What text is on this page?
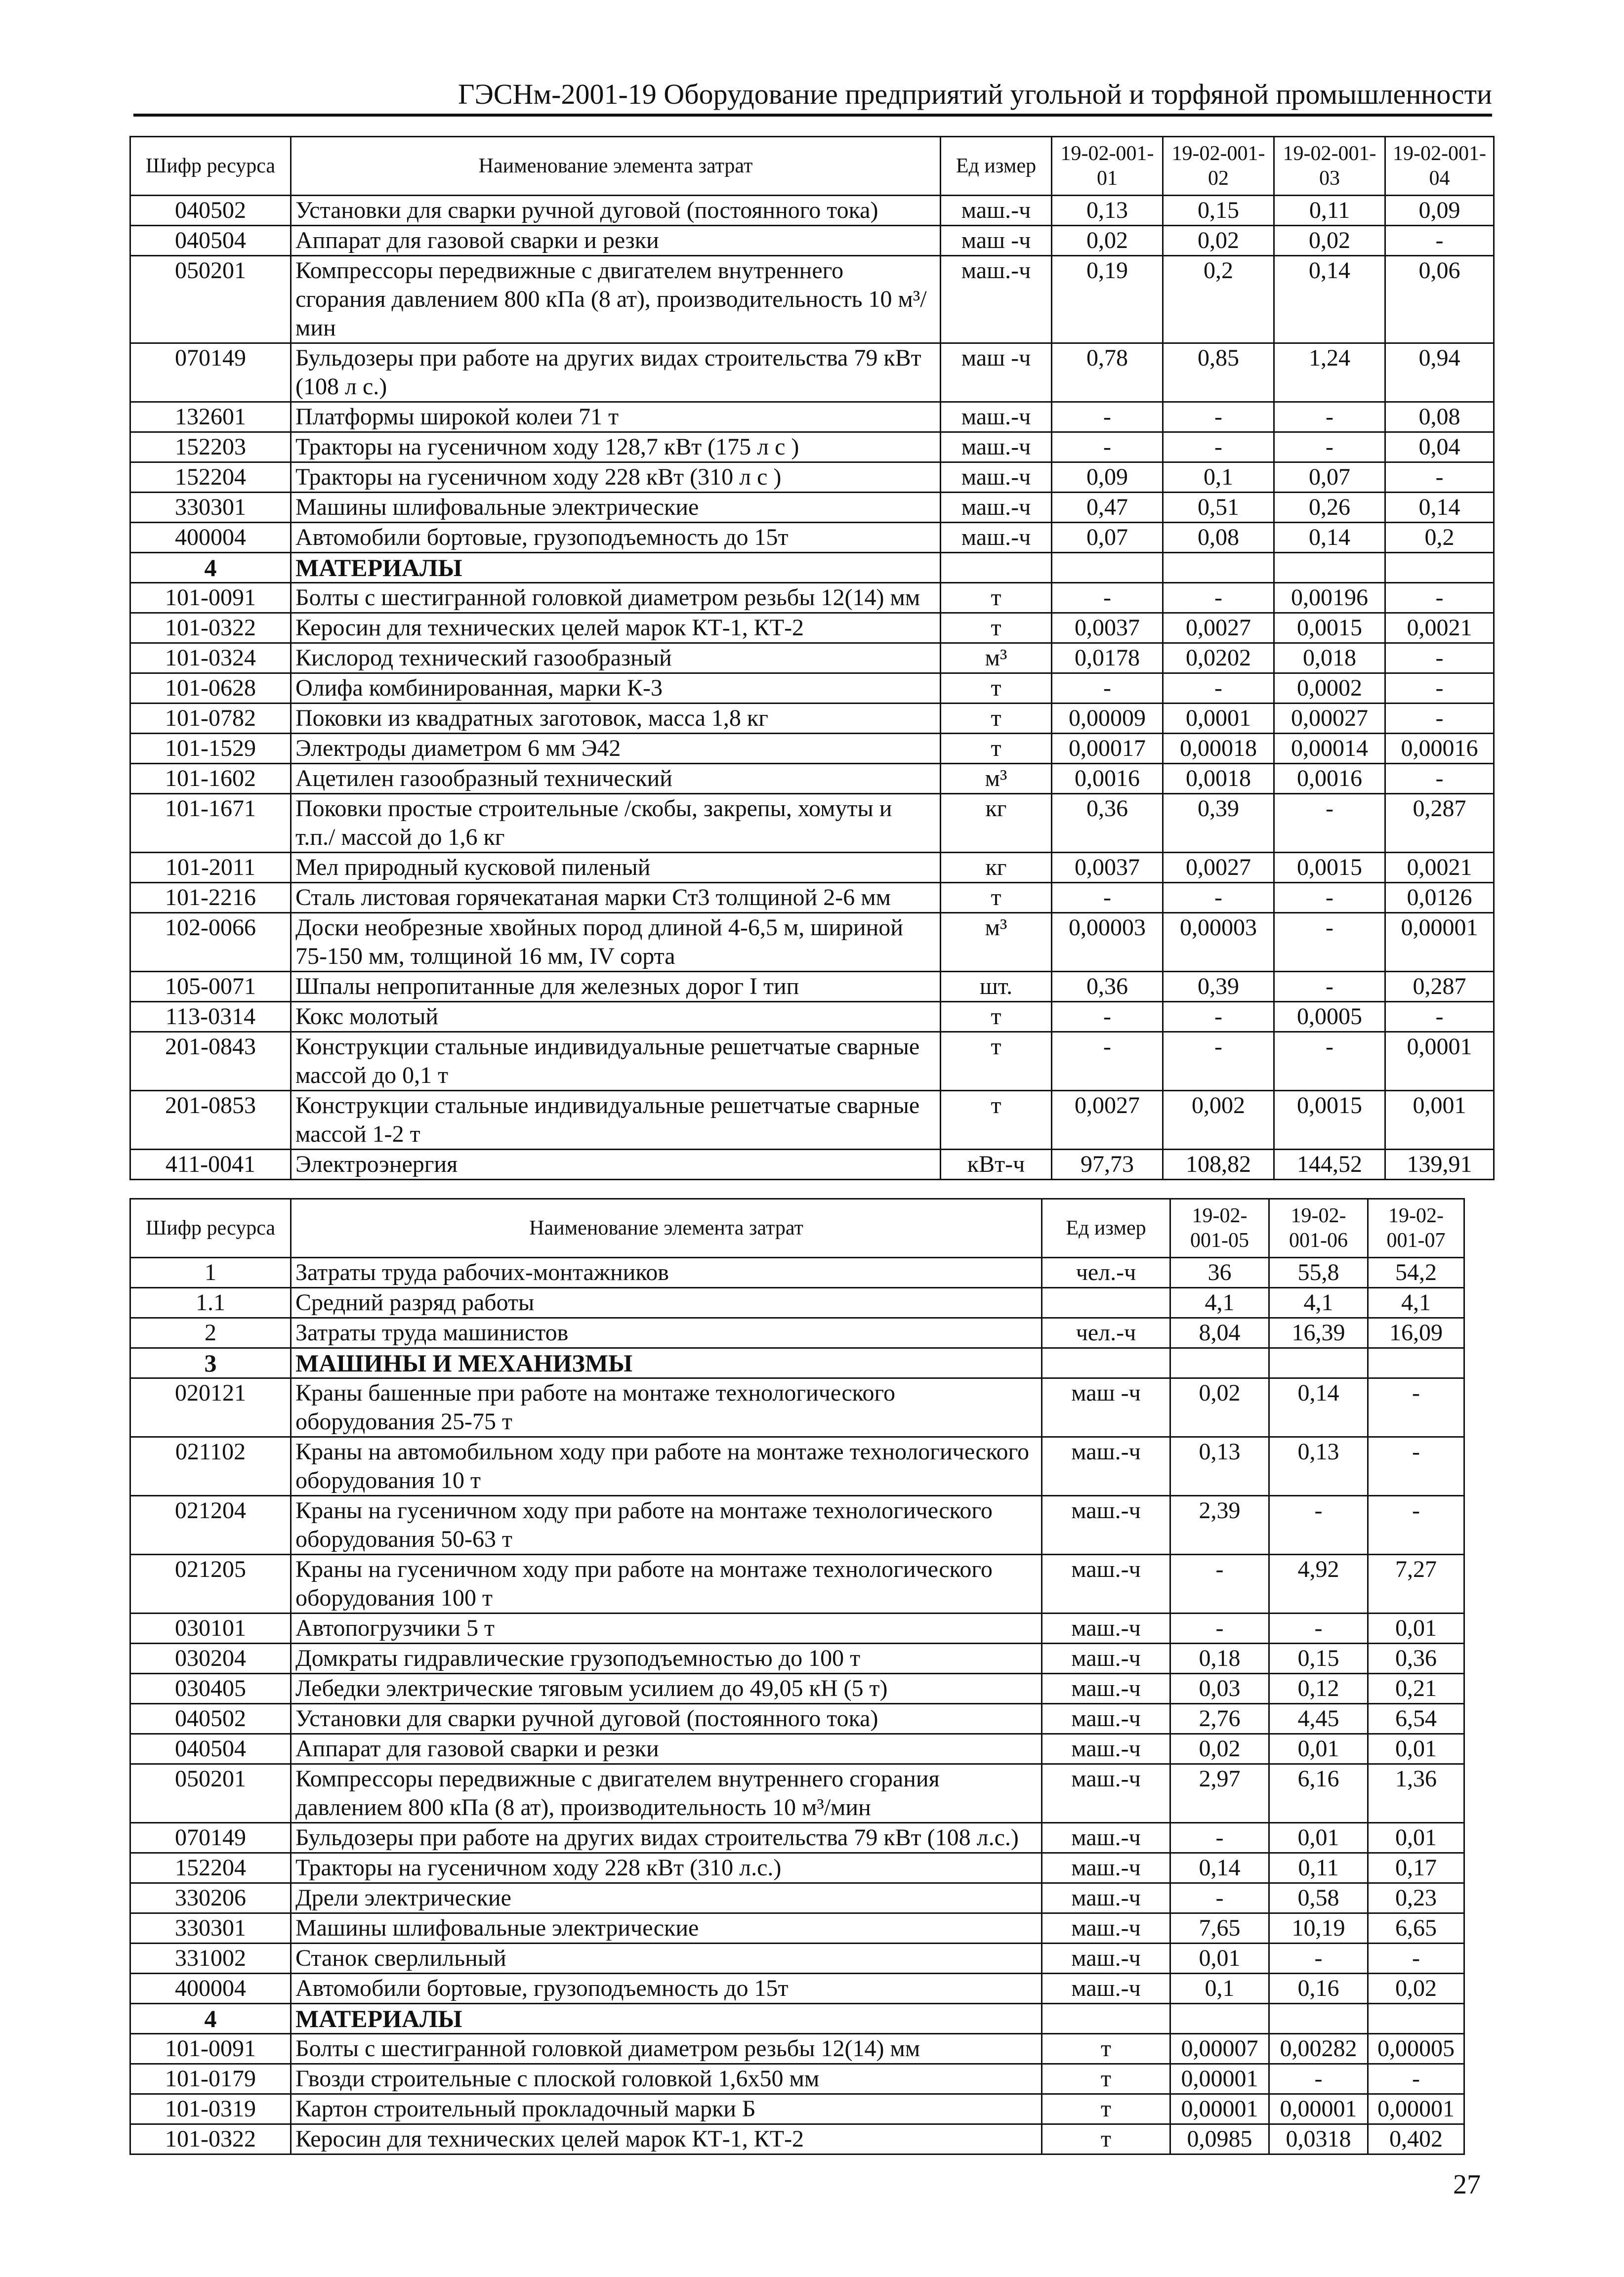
ГЭСНм-2001-19 Оборудование предприятий угольной и торфяной промышленности
Шифр ресурса	Наименование элемента затрат	Ед измер	19-02-001-01	19-02-001-02	19-02-001-03	19-02-001-04
040502	Установки для сварки ручной дуговой (постоянного тока)	маш.-ч	0,13	0,15	0,11	0,09
040504	Аппарат для газовой сварки и резки	маш -ч	0,02	0,02	0,02	-
050201	Компрессоры передвижные с двигателем внутреннего сгорания давлением 800 кПа (8 ат), производительность 10 м³/мин	маш.-ч	0,19	0,2	0,14	0,06
070149	Бульдозеры при работе на других видах строительства 79 кВт (108 л с.)	маш -ч	0,78	0,85	1,24	0,94
132601	Платформы широкой колеи 71 т	маш.-ч	-	-	-	0,08
152203	Тракторы на гусеничном ходу 128,7 кВт (175 л с )	маш.-ч	-	-	-	0,04
152204	Тракторы на гусеничном ходу 228 кВт (310 л с )	маш.-ч	0,09	0,1	0,07	-
330301	Машины шлифовальные электрические	маш.-ч	0,47	0,51	0,26	0,14
400004	Автомобили бортовые, грузоподъемность до 15т	маш.-ч	0,07	0,08	0,14	0,2
4	МАТЕРИАЛЫ					
101-0091	Болты с шестигранной головкой диаметром резьбы 12(14) мм	т	-	-	0,00196	-
101-0322	Керосин для технических целей марок КТ-1, КТ-2	т	0,0037	0,0027	0,0015	0,0021
101-0324	Кислород технический газообразный	м³	0,0178	0,0202	0,018	-
101-0628	Олифа комбинированная, марки К-3	т	-	-	0,0002	-
101-0782	Поковки из квадратных заготовок, масса 1,8 кг	т	0,00009	0,0001	0,00027	-
101-1529	Электроды диаметром 6 мм Э42	т	0,00017	0,00018	0,00014	0,00016
101-1602	Ацетилен газообразный технический	м³	0,0016	0,0018	0,0016	-
101-1671	Поковки простые строительные /скобы, закрепы, хомуты и т.п./ массой до 1,6 кг	кг	0,36	0,39	-	0,287
101-2011	Мел природный кусковой пиленый	кг	0,0037	0,0027	0,0015	0,0021
101-2216	Сталь листовая горячекатаная марки Ст3 толщиной 2-6 мм	т	-	-	-	0,0126
102-0066	Доски необрезные хвойных пород длиной 4-6,5 м, шириной 75-150 мм, толщиной 16 мм, IV сорта	м³	0,00003	0,00003	-	0,00001
105-0071	Шпалы непропитанные для железных дорог I тип	шт.	0,36	0,39	-	0,287
113-0314	Кокс молотый	т	-	-	0,0005	-
201-0843	Конструкции стальные индивидуальные решетчатые сварные массой до 0,1 т	т	-	-	-	0,0001
201-0853	Конструкции стальные индивидуальные решетчатые сварные массой 1-2 т	т	0,0027	0,002	0,0015	0,001
411-0041	Электроэнергия	кВт-ч	97,73	108,82	144,52	139,91
Шифр ресурса	Наименование элемента затрат	Ед измер	19-02-001-05	19-02-001-06	19-02-001-07
1	Затраты труда рабочих-монтажников	чел.-ч	36	55,8	54,2
1.1	Средний разряд работы		4,1	4,1	4,1
2	Затраты труда машинистов	чел.-ч	8,04	16,39	16,09
3	МАШИНЫ И МЕХАНИЗМЫ				
020121	Краны башенные при работе на монтаже технологического оборудования 25-75 т	маш -ч	0,02	0,14	-
021102	Краны на автомобильном ходу при работе на монтаже технологического оборудования 10 т	маш.-ч	0,13	0,13	-
021204	Краны на гусеничном ходу при работе на монтаже технологического оборудования 50-63 т	маш.-ч	2,39	-	-
021205	Краны на гусеничном ходу при работе на монтаже технологического оборудования 100 т	маш.-ч	-	4,92	7,27
030101	Автопогрузчики 5 т	маш.-ч	-	-	0,01
030204	Домкраты гидравлические грузоподъемностью до 100 т	маш.-ч	0,18	0,15	0,36
030405	Лебедки электрические тяговым усилием до 49,05 кН (5 т)	маш.-ч	0,03	0,12	0,21
040502	Установки для сварки ручной дуговой (постоянного тока)	маш.-ч	2,76	4,45	6,54
040504	Аппарат для газовой сварки и резки	маш.-ч	0,02	0,01	0,01
050201	Компрессоры передвижные с двигателем внутреннего сгорания давлением 800 кПа (8 ат), производительность 10 м³/мин	маш.-ч	2,97	6,16	1,36
070149	Бульдозеры при работе на других видах строительства 79 кВт (108 л.с.)	маш.-ч	-	0,01	0,01
152204	Тракторы на гусеничном ходу 228 кВт (310 л.с.)	маш.-ч	0,14	0,11	0,17
330206	Дрели электрические	маш.-ч	-	0,58	0,23
330301	Машины шлифовальные электрические	маш.-ч	7,65	10,19	6,65
331002	Станок сверлильный	маш.-ч	0,01	-	-
400004	Автомобили бортовые, грузоподъемность до 15т	маш.-ч	0,1	0,16	0,02
4	МАТЕРИАЛЫ				
101-0091	Болты с шестигранной головкой диаметром резьбы 12(14) мм	т	0,00007	0,00282	0,00005
101-0179	Гвозди строительные с плоской головкой 1,6х50 мм	т	0,00001	-	-
101-0319	Картон строительный прокладочный марки Б	т	0,00001	0,00001	0,00001
101-0322	Керосин для технических целей марок КТ-1, КТ-2	т	0,0985	0,0318	0,402
27
